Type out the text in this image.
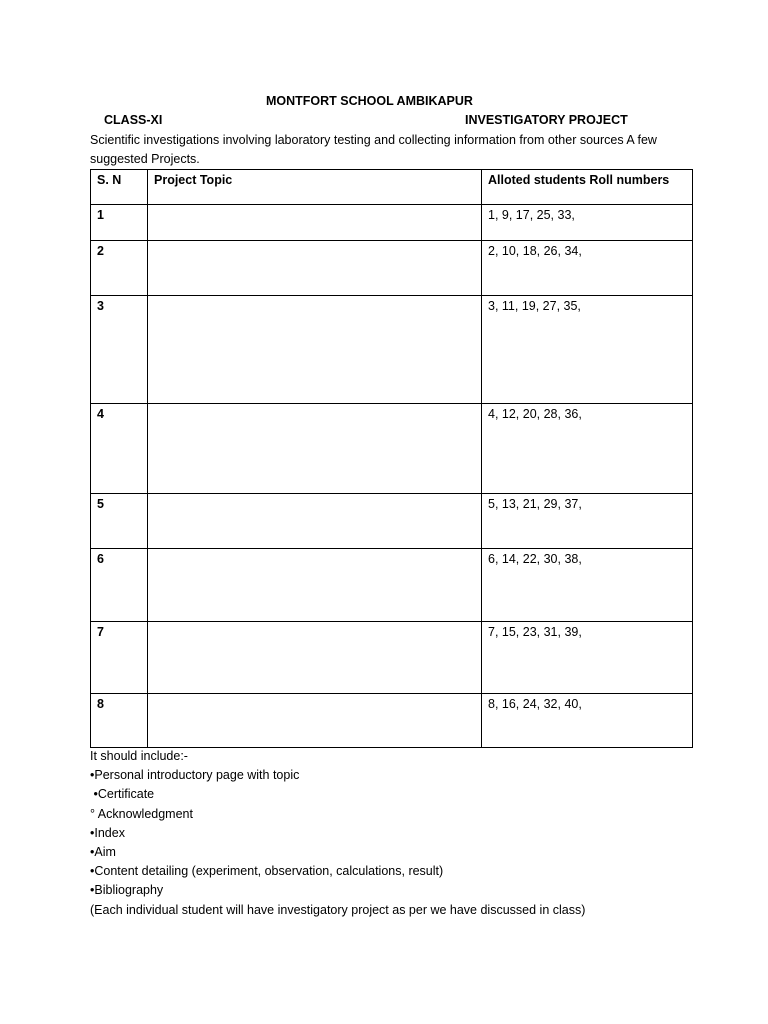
MONTFORT SCHOOL AMBIKAPUR
CLASS-XI	INVESTIGATORY PROJECT
Scientific investigations involving laboratory testing and collecting information from other sources A few suggested Projects.
S. N	Project Topic	Alloted students Roll numbers
1		1, 9, 17, 25, 33,
2		2, 10, 18, 26, 34,
3		3, 11, 19, 27, 35,
4		4, 12, 20, 28, 36,
5		5, 13, 21, 29, 37,
6		6, 14, 22, 30, 38,
7		7, 15, 23, 31, 39,
8		8, 16, 24, 32, 40,
It should include:-
•Personal introductory page with topic
•Certificate
° Acknowledgment
•Index
•Aim
•Content detailing (experiment, observation, calculations, result)
•Bibliography
(Each individual student will have investigatory project as per we have discussed in class)
